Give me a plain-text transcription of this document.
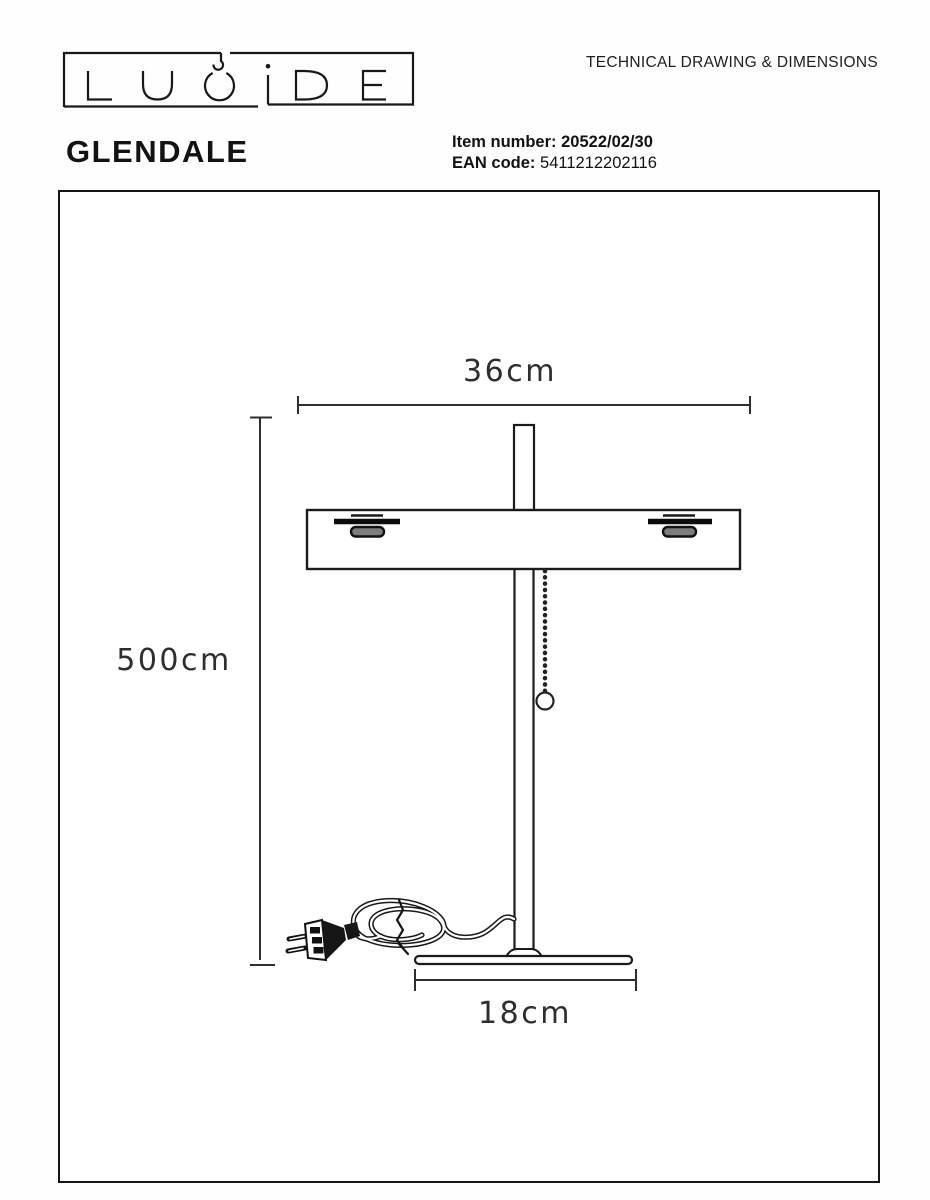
GLENDALE
TECHNICAL DRAWING & DIMENSIONS
Item number: 20522/02/30
EAN code: 5411212202116
36cm
500cm
18cm
